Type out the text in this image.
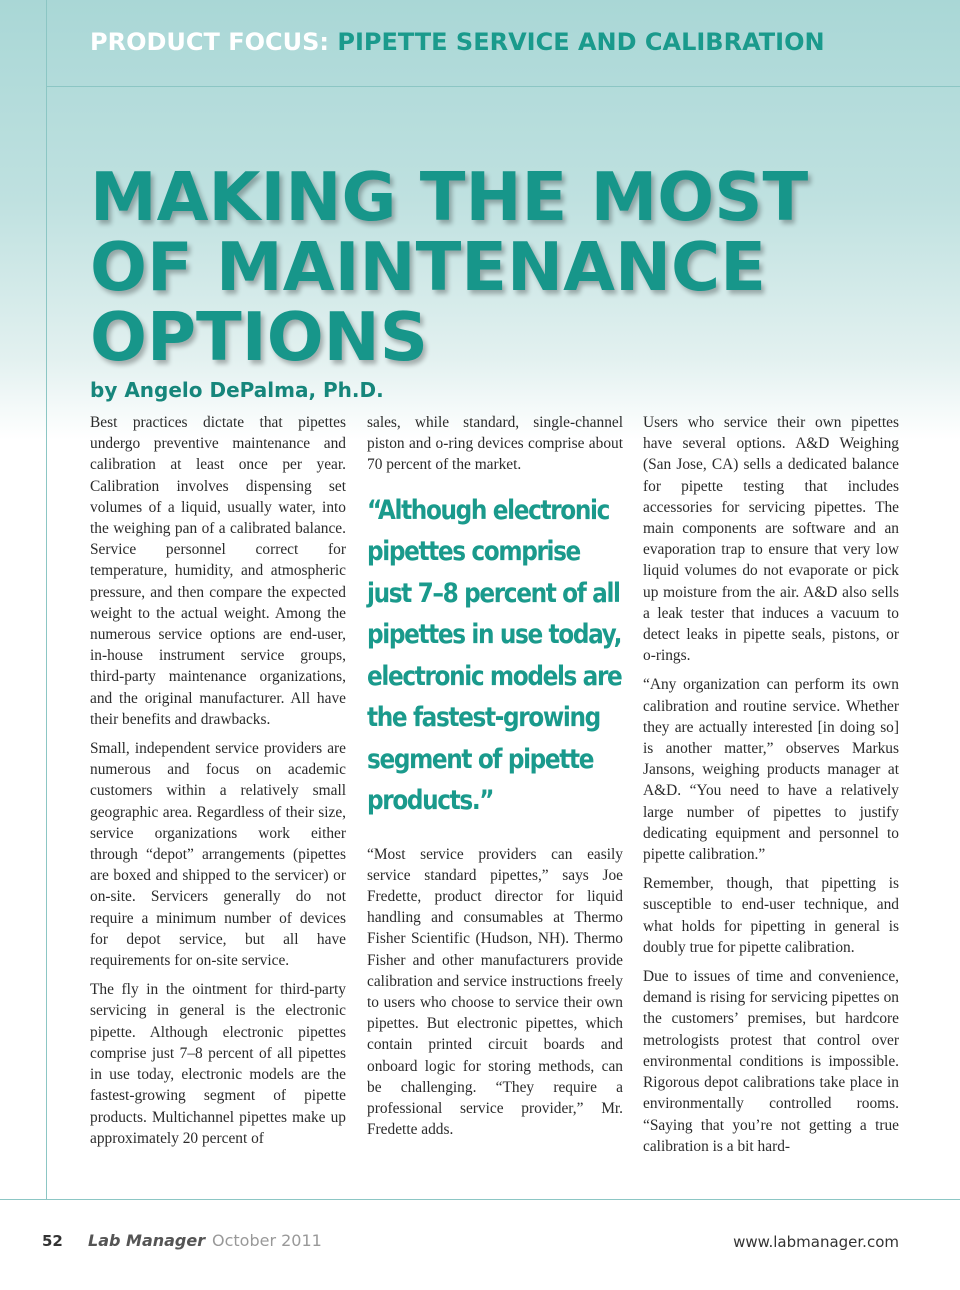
PRODUCT FOCUS: PIPETTE SERVICE AND CALIBRATION
MAKING THE MOST
OF MAINTENANCE
OPTIONS
by Angelo DePalma, Ph.D.

Best practices dictate that pipettes undergo preventive maintenance and calibration at least once per year. Calibration involves dispensing set volumes of a liquid, usually water, into the weighing pan of a calibrated balance. Service personnel correct for temperature, humidity, and atmospheric pressure, and then compare the expected weight to the actual weight. Among the numerous service options are end-user, in-house instrument service groups, third-party maintenance organizations, and the original manufacturer. All have their benefits and drawbacks.

Small, independent service providers are numerous and focus on academic customers within a relatively small geographic area. Regardless of their size, service organizations work either through “depot” arrangements (pipettes are boxed and shipped to the servicer) or on-site. Servicers generally do not require a minimum number of devices for depot service, but all have requirements for on-site service.

The fly in the ointment for third-party servicing in general is the electronic pipette. Although electronic pipettes comprise just 7–8 percent of all pipettes in use today, electronic models are the fastest-growing segment of pipette products. Multichannel pipettes make up approximately 20 percent of

sales, while standard, single-channel piston and o-ring devices comprise about 70 percent of the market.

“Although electronic pipettes comprise just 7–8 percent of all pipettes in use today, electronic models are the fastest-growing segment of pipette products.”

“Most service providers can easily service standard pipettes,” says Joe Fredette, product director for liquid handling and consumables at Thermo Fisher Scientific (Hudson, NH). Thermo Fisher and other manufacturers provide calibration and service instructions freely to users who choose to service their own pipettes. But electronic pipettes, which contain printed circuit boards and onboard logic for storing methods, can be challenging. “They require a professional service provider,” Mr. Fredette adds.

Users who service their own pipettes have several options. A&D Weighing (San Jose, CA) sells a dedicated balance for pipette testing that includes accessories for servicing pipettes. The main components are software and an evaporation trap to ensure that very low liquid volumes do not evaporate or pick up moisture from the air. A&D also sells a leak tester that induces a vacuum to detect leaks in pipette seals, pistons, or o-rings.

“Any organization can perform its own calibration and routine service. Whether they are actually interested [in doing so] is another matter,” observes Markus Jansons, weighing products manager at A&D. “You need to have a relatively large number of pipettes to justify dedicating equipment and personnel to pipette calibration.”

Remember, though, that pipetting is susceptible to end-user technique, and what holds for pipetting in general is doubly true for pipette calibration.

Due to issues of time and convenience, demand is rising for servicing pipettes on the customers’ premises, but hardcore metrologists protest that control over environmental conditions is impossible. Rigorous depot calibrations take place in environmentally controlled rooms. “Saying that you’re not getting a true calibration is a bit hard-

52 Lab Manager October 2011	www.labmanager.com
